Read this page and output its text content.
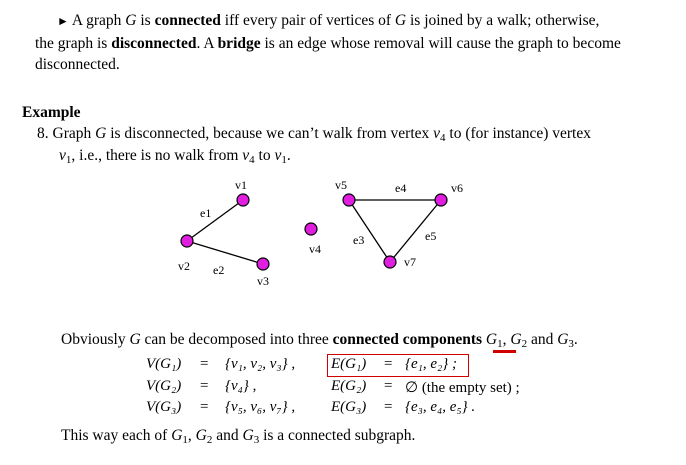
► A graph G is connected iff every pair of vertices of G is joined by a walk; otherwise,
the graph is disconnected. A bridge is an edge whose removal will cause the graph to become
disconnected.
Example
8. Graph G is disconnected, because we can’t walk from vertex $v_4$ to (for instance) vertex
$v_1$, i.e., there is no walk from $v_4$ to $v_1$.
v1
v2
v3
v4
v5	v6
v7
e1
e2
e3
e4
e5
Obviously G can be decomposed into three connected components $G_1$, $G_2$ and $G_3$.
V(G₁) = {v₁, v₂, v₃} ,
V(G₂) = {v₄} ,
V(G₃) = {v₅, v₆, v₇} ,
E(G₁) = {e₁, e₂} ;
E(G₂) = ∅ (the empty set) ;
E(G₃) = {e₃, e₄, e₅} .
This way each of $G_1$, $G_2$ and $G_3$ is a connected subgraph.
